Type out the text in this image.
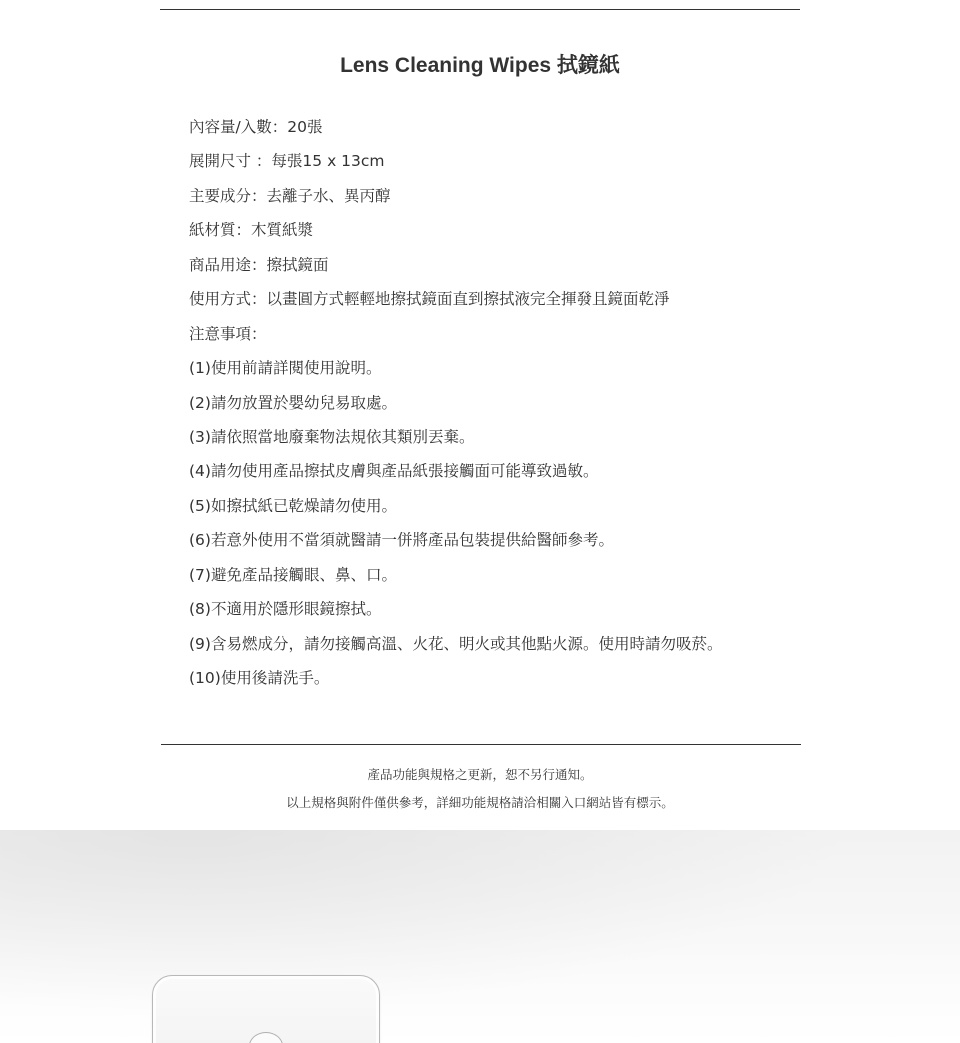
Lens Cleaning Wipes 拭鏡紙
內容量/入數：20張
展開尺寸 ：每張15 x 13cm
主要成分：去離子水、異丙醇
紙材質：木質紙漿
商品用途：擦拭鏡面
使用方式：以畫圓方式輕輕地擦拭鏡面直到擦拭液完全揮發且鏡面乾淨
注意事項：
(1)使用前請詳閱使用說明。
(2)請勿放置於嬰幼兒易取處。
(3)請依照當地廢棄物法規依其類別丟棄。
(4)請勿使用產品擦拭皮膚與產品紙張接觸面可能導致過敏。
(5)如擦拭紙已乾燥請勿使用。
(6)若意外使用不當須就醫請一併將產品包裝提供給醫師參考。
(7)避免產品接觸眼、鼻、口。
(8)不適用於隱形眼鏡擦拭。
(9)含易燃成分，請勿接觸高溫、火花、明火或其他點火源。使用時請勿吸菸。
(10)使用後請洗手。

產品功能與規格之更新，恕不另行通知。

以上規格與附件僅供參考，詳細功能規格請洽相關入口網站皆有標示。
